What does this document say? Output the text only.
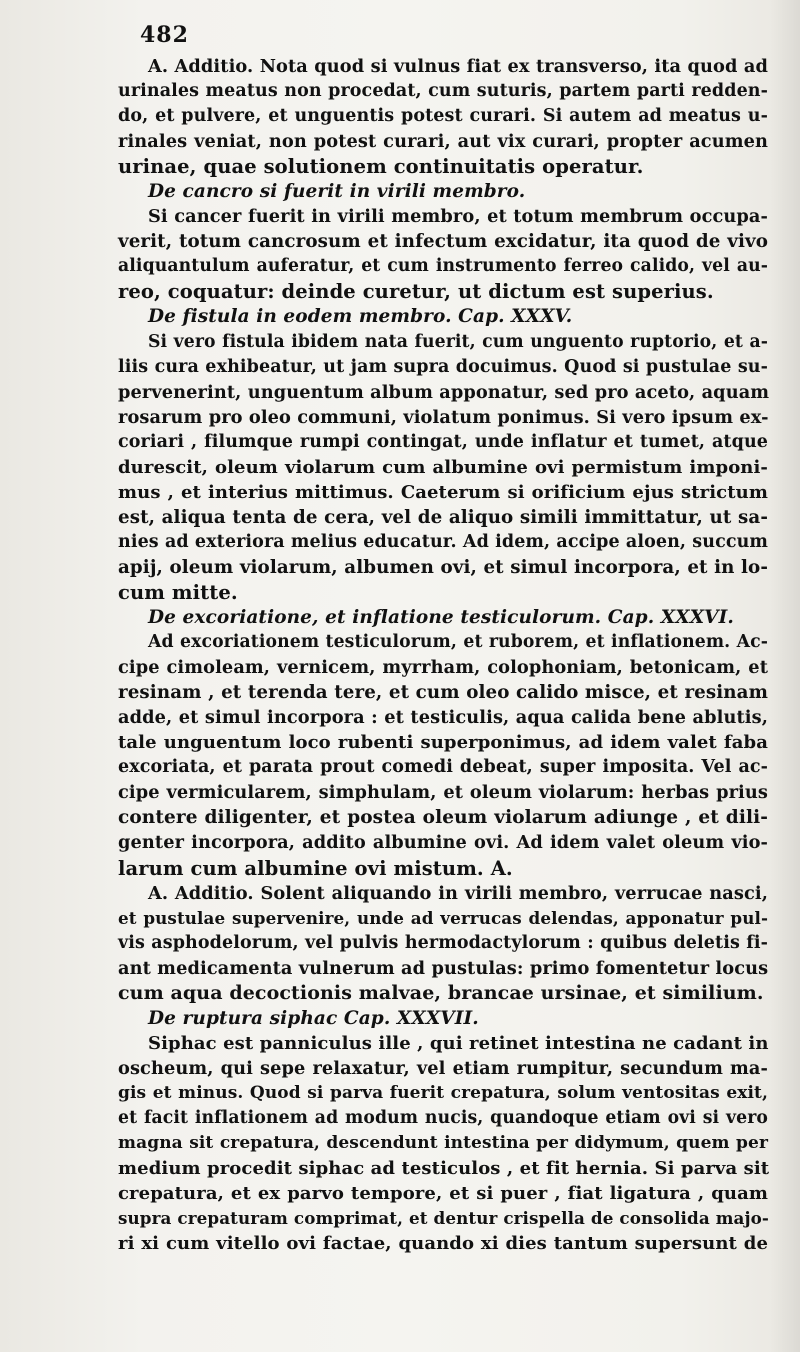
482
A. Additio. Nota quod si vulnus fiat ex transverso, ita quod ad
urinales meatus non procedat, cum suturis, partem parti redden-
do, et pulvere, et unguentis potest curari. Si autem ad meatus u-
rinales veniat, non potest curari, aut vix curari, propter acumen
urinae, quae solutionem continuitatis operatur.
De cancro si fuerit in virili membro.
Si cancer fuerit in virili membro, et totum membrum occupa-
verit, totum cancrosum et infectum excidatur, ita quod de vivo
aliquantulum auferatur, et cum instrumento ferreo calido, vel au-
reo, coquatur: deinde curetur, ut dictum est superius.
De fistula in eodem membro. Cap. XXXV.
Si vero fistula ibidem nata fuerit, cum unguento ruptorio, et a-
liis cura exhibeatur, ut jam supra docuimus. Quod si pustulae su-
pervenerint, unguentum album apponatur, sed pro aceto, aquam
rosarum pro oleo communi, violatum ponimus. Si vero ipsum ex-
coriari , filumque rumpi contingat, unde inflatur et tumet, atque
durescit, oleum violarum cum albumine ovi permistum imponi-
mus , et interius mittimus. Caeterum si orificium ejus strictum
est, aliqua tenta de cera, vel de aliquo simili immittatur, ut sa-
nies ad exteriora melius educatur. Ad idem, accipe aloen, succum
apij, oleum violarum, albumen ovi, et simul incorpora, et in lo-
cum mitte.
De excoriatione, et inflatione testiculorum. Cap. XXXVI.
Ad excoriationem testiculorum, et ruborem, et inflationem. Ac-
cipe cimoleam, vernicem, myrrham, colophoniam, betonicam, et
resinam , et terenda tere, et cum oleo calido misce, et resinam
adde, et simul incorpora : et testiculis, aqua calida bene ablutis,
tale unguentum loco rubenti superponimus, ad idem valet faba
excoriata, et parata prout comedi debeat, super imposita. Vel ac-
cipe vermicularem, simphulam, et oleum violarum: herbas prius
contere diligenter, et postea oleum violarum adiunge , et dili-
genter incorpora, addito albumine ovi. Ad idem valet oleum vio-
larum cum albumine ovi mistum. A.
A. Additio. Solent aliquando in virili membro, verrucae nasci,
et pustulae supervenire, unde ad verrucas delendas, apponatur pul-
vis asphodelorum, vel pulvis hermodactylorum : quibus deletis fi-
ant medicamenta vulnerum ad pustulas: primo fomentetur locus
cum aqua decoctionis malvae, brancae ursinae, et similium.
De ruptura siphac Cap. XXXVII.
Siphac est panniculus ille , qui retinet intestina ne cadant in
oscheum, qui sepe relaxatur, vel etiam rumpitur, secundum ma-
gis et minus. Quod si parva fuerit crepatura, solum ventositas exit,
et facit inflationem ad modum nucis, quandoque etiam ovi si vero
magna sit crepatura, descendunt intestina per didymum, quem per
medium procedit siphac ad testiculos , et fit hernia. Si parva sit
crepatura, et ex parvo tempore, et si puer , fiat ligatura , quam
supra crepaturam comprimat, et dentur crispella de consolida majo-
ri xi cum vitello ovi factae, quando xi dies tantum supersunt de
